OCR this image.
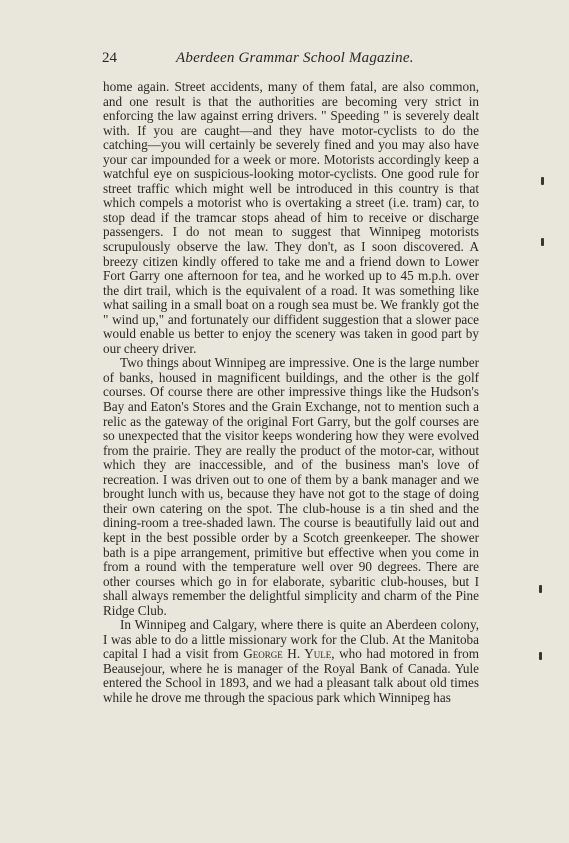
24	Aberdeen Grammar School Magazine.

home again. Street accidents, many of them fatal, are also common, and one result is that the authorities are becoming very strict in enforcing the law against erring drivers. " Speeding " is severely dealt with. If you are caught—and they have motor-cyclists to do the catching—you will certainly be severely fined and you may also have your car impounded for a week or more. Motorists accordingly keep a watchful eye on suspicious-looking motor-cyclists. One good rule for street traffic which might well be introduced in this country is that which compels a motorist who is overtaking a street (i.e. tram) car, to stop dead if the tramcar stops ahead of him to receive or discharge passengers. I do not mean to suggest that Winnipeg motorists scrupulously observe the law. They don't, as I soon discovered. A breezy citizen kindly offered to take me and a friend down to Lower Fort Garry one afternoon for tea, and he worked up to 45 m.p.h. over the dirt trail, which is the equivalent of a road. It was something like what sailing in a small boat on a rough sea must be. We frankly got the " wind up," and fortunately our diffident suggestion that a slower pace would enable us better to enjoy the scenery was taken in good part by our cheery driver.

Two things about Winnipeg are impressive. One is the large number of banks, housed in magnificent buildings, and the other is the golf courses. Of course there are other impressive things like the Hudson's Bay and Eaton's Stores and the Grain Exchange, not to mention such a relic as the gateway of the original Fort Garry, but the golf courses are so unexpected that the visitor keeps wondering how they were evolved from the prairie. They are really the product of the motor-car, without which they are inaccessible, and of the business man's love of recreation. I was driven out to one of them by a bank manager and we brought lunch with us, because they have not got to the stage of doing their own catering on the spot. The club-house is a tin shed and the dining-room a tree-shaded lawn. The course is beautifully laid out and kept in the best possible order by a Scotch greenkeeper. The shower bath is a pipe arrangement, primitive but effective when you come in from a round with the temperature well over 90 degrees. There are other courses which go in for elaborate, sybaritic club-houses, but I shall always remember the delightful simplicity and charm of the Pine Ridge Club.

In Winnipeg and Calgary, where there is quite an Aberdeen colony, I was able to do a little missionary work for the Club. At the Manitoba capital I had a visit from George H. Yule, who had motored in from Beausejour, where he is manager of the Royal Bank of Canada. Yule entered the School in 1893, and we had a pleasant talk about old times while he drove me through the spacious park which Winnipeg has
